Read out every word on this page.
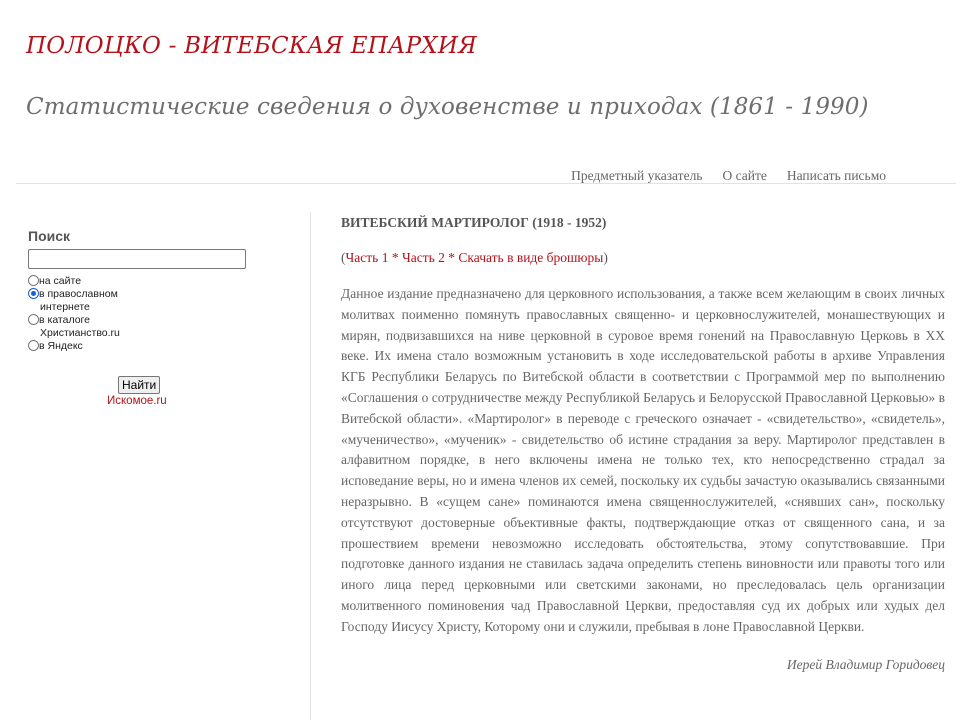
ПОЛОЦКО - ВИТЕБСКАЯ ЕПАРХИЯ
Статистические сведения о духовенстве и приходах (1861 - 1990)
Предметный указатель О сайте Написать письмо
Поиск
на сайте
в православном
интернете
в каталоге
Христианство.ru
в Яндекс
Найти
Искомое.ru
ВИТЕБСКИЙ МАРТИРОЛОГ (1918 - 1952)
(Часть 1 * Часть 2 * Скачать в виде брошюры)

Данное издание предназначено для церковного использования, а также всем желающим в своих личных молитвах поименно помянуть православных священно- и церковнослужителей, монашествующих и мирян, подвизавшихся на ниве церковной в суровое время гонений на Православную Церковь в XX веке. Их имена стало возможным установить в ходе исследовательской работы в архиве Управления КГБ Республики Беларусь по Витебской области в соответствии с Программой мер по выполнению «Соглашения о сотрудничестве между Республикой Беларусь и Белорусской Православной Церковью» в Витебской области». «Мартиролог» в переводе с греческого означает - «свидетельство», «свидетель», «мученичество», «мученик» - свидетельство об истине страдания за веру. Мартиролог представлен в алфавитном порядке, в него включены имена не только тех, кто непосредственно страдал за исповедание веры, но и имена членов их семей, поскольку их судьбы зачастую оказывались связанными неразрывно. В «сущем сане» поминаются имена священнослужителей, «снявших сан», поскольку отсутствуют достоверные объективные факты, подтверждающие отказ от священного сана, и за прошествием времени невозможно исследовать обстоятельства, этому сопутствовавшие. При подготовке данного издания не ставилась задача определить степень виновности или правоты того или иного лица перед церковными или светскими законами, но преследовалась цель организации молитвенного поминовения чад Православной Церкви, предоставляя суд их добрых или худых дел Господу Иисусу Христу, Которому они и служили, пребывая в лоне Православной Церкви.

Иерей Владимир Горидовец
